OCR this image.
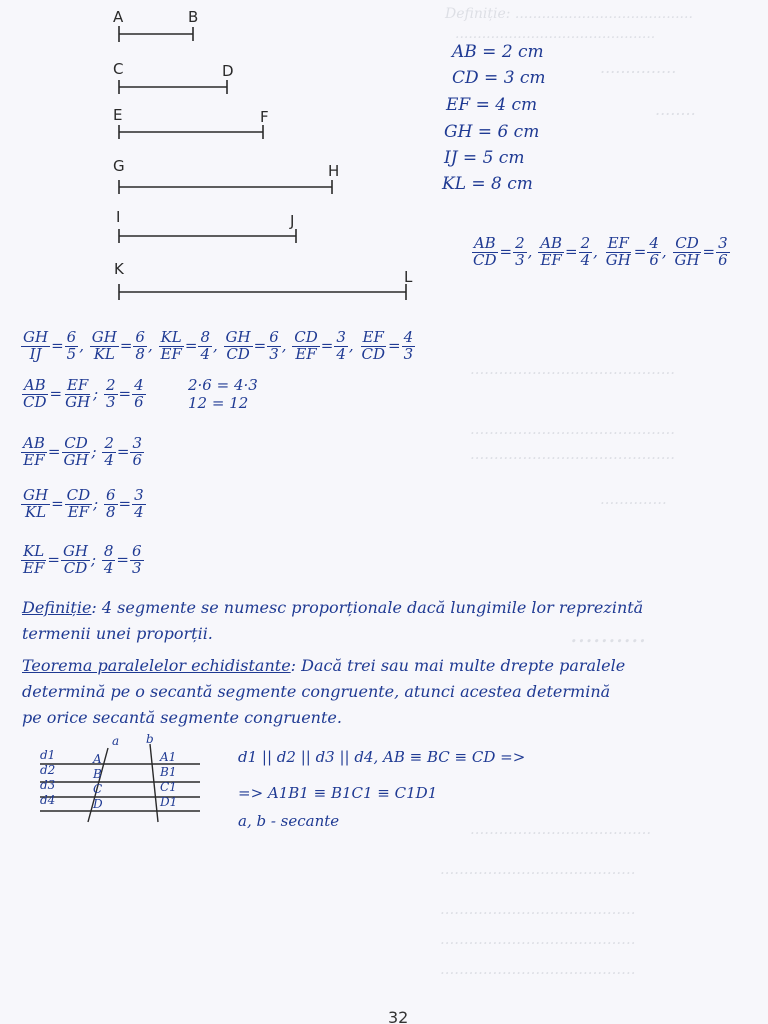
Definiție: ........................................
.............................................
...............
........
...........................................
...........................................
...........................................
..............
..........
......................................
.........................................
.........................................
.........................................
.........................................
A	B
C	D
E	F
G	H
I	J
K	L
AB = 2 cm
CD = 3 cm
EF = 4 cm
GH = 6 cm
IJ = 5 cm
KL = 8 cm
$\frac{AB}{CD} = \frac{2}{3}$ , $\frac{AB}{EF} = \frac{2}{4}$ , $\frac{EF}{GH} = \frac{4}{6}$ , $\frac{CD}{GH} = \frac{3}{6}$
$\frac{GH}{IJ} = \frac{6}{5}$ , $\frac{GH}{KL} = \frac{6}{8}$ , $\frac{KL}{EF} = \frac{8}{4}$ , $\frac{GH}{CD} = \frac{6}{3}$ , $\frac{CD}{EF} = \frac{3}{4}$ , $\frac{EF}{CD} = \frac{4}{3}$
$\frac{AB}{CD} = \frac{EF}{GH}$ ; $\frac{2}{3} = \frac{4}{6}$	2·6 = 4·3
12 = 12
$\frac{AB}{EF} = \frac{CD}{GH}$ ; $\frac{2}{4} = \frac{3}{6}$
$\frac{GH}{KL} = \frac{CD}{EF}$ ; $\frac{6}{8} = \frac{3}{4}$
$\frac{KL}{EF} = \frac{GH}{CD}$ ; $\frac{8}{4} = \frac{6}{3}$
Definiție: 4 segmente se numesc proporționale dacă lungimile lor reprezintă
termenii unei proporții.
Teorema paralelelor echidistante: Dacă trei sau mai multe drepte paralele
determină pe o secantă segmente congruente, atunci acestea determină
pe orice secantă segmente congruente.
d1
d2
d3
d4
A
B
C
D
A1
B1
C1
D1
a b
d1 || d2 || d3 || d4, AB ≡ BC ≡ CD =>
=> A1B1 ≡ B1C1 ≡ C1D1
a, b - secante
32
